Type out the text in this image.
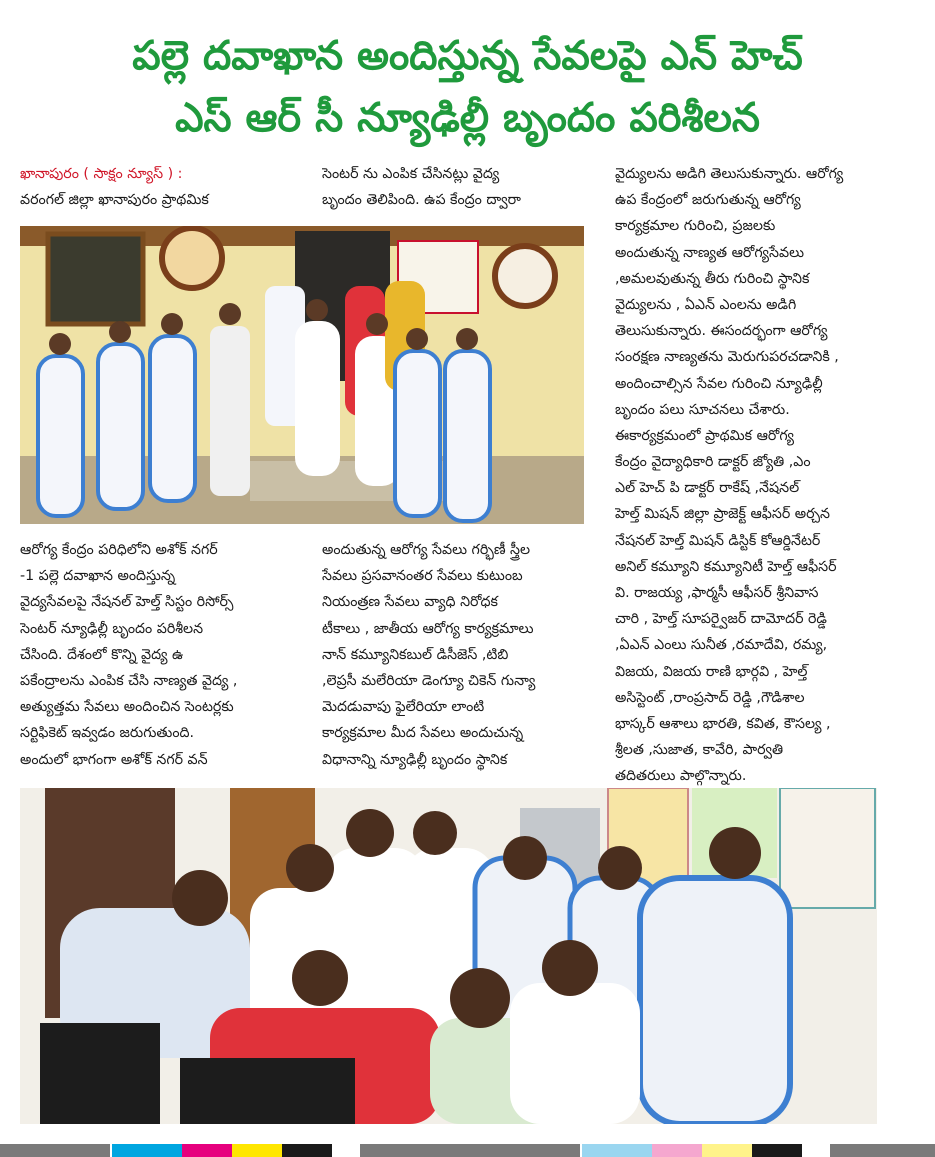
పల్లె దవాఖాన అందిస్తున్న సేవలపై ఎన్ హెచ్
ఎస్ ఆర్ సీ న్యూఢిల్లీ బృందం పరిశీలన
ఖానాపురం ( సాక్షం న్యూస్ ) :
వరంగల్ జిల్లా ఖానాపురం ప్రాథమిక
సెంటర్ ను ఎంపిక చేసినట్లు వైద్య
బృందం తెలిపింది. ఉప కేంద్రం ద్వారా
ఆరోగ్య కేంద్రం పరిధిలోని అశోక్ నగర్
-1 పల్లె దవాఖాన అందిస్తున్న
వైద్యసేవలపై నేషనల్ హెల్త్ సిస్టం రిసోర్స్
సెంటర్ న్యూఢిల్లీ బృందం పరిశీలన
చేసింది. దేశంలో కొన్ని వైద్య ఉ
పకేంద్రాలను ఎంపిక చేసి నాణ్యత వైద్య ,
అత్యుత్తమ సేవలు అందించిన సెంటర్లకు
సర్టిఫికెట్ ఇవ్వడం జరుగుతుంది.
అందులో భాగంగా అశోక్ నగర్ వన్
అందుతున్న ఆరోగ్య సేవలు గర్భిణీ స్త్రీల
సేవలు ప్రసవానంతర సేవలు కుటుంబ
నియంత్రణ సేవలు వ్యాధి నిరోధక
టీకాలు , జాతీయ ఆరోగ్య కార్యక్రమాలు
నాన్ కమ్యూనికబుల్ డిసీజెస్ ,టిబి
,లెప్రసీ మలేరియా డెంగ్యూ చికెన్ గున్యా
మెదడువాపు ఫైలేరియా లాంటి
కార్యక్రమాల మీద సేవలు అందుచున్న
విధానాన్ని న్యూఢిల్లీ బృందం స్థానిక
వైద్యులను అడిగి తెలుసుకున్నారు. ఆరోగ్య
ఉప కేంద్రంలో జరుగుతున్న ఆరోగ్య
కార్యక్రమాల గురించి, ప్రజలకు
అందుతున్న నాణ్యత ఆరోగ్యసేవలు
,అమలవుతున్న తీరు గురించి స్థానిక
వైద్యులను , ఏఎన్ ఎంలను అడిగి
తెలుసుకున్నారు. ఈసందర్భంగా ఆరోగ్య
సంరక్షణ నాణ్యతను మెరుగుపరచడానికి ,
అందించాల్సిన సేవల గురించి న్యూఢిల్లీ
బృందం పలు సూచనలు చేశారు.
ఈకార్యక్రమంలో ప్రాథమిక ఆరోగ్య
కేంద్రం వైద్యాధికారి డాక్టర్ జ్యోతి ,ఎం
ఎల్ హెచ్ పి డాక్టర్ రాకేష్ ,నేషనల్
హెల్త్ మిషన్ జిల్లా ప్రాజెక్ట్ ఆఫీసర్ అర్చన
నేషనల్ హెల్త్ మిషన్ డిస్టిక్ కోఆర్డినేటర్
అనిల్ కమ్యూని కమ్యూనిటీ హెల్త్ ఆఫీసర్
వి. రాజయ్య ,ఫార్మసీ ఆఫీసర్ శ్రీనివాస
చారి , హెల్త్ సూపర్వైజర్ దామోదర్ రెడ్డి
,ఏఎన్ ఎంలు సునీత ,రమాదేవి, రమ్య,
విజయ, విజయ రాణి భార్గవి , హెల్త్
అసిస్టెంట్ ,రాంప్రసాద్ రెడ్డి ,గౌడిశాల
భాస్కర్ ఆశాలు భారతి, కవిత, కౌసల్య ,
శ్రీలత ,సుజాత, కావేరి, పార్వతి
తదితరులు పాల్గొన్నారు.
